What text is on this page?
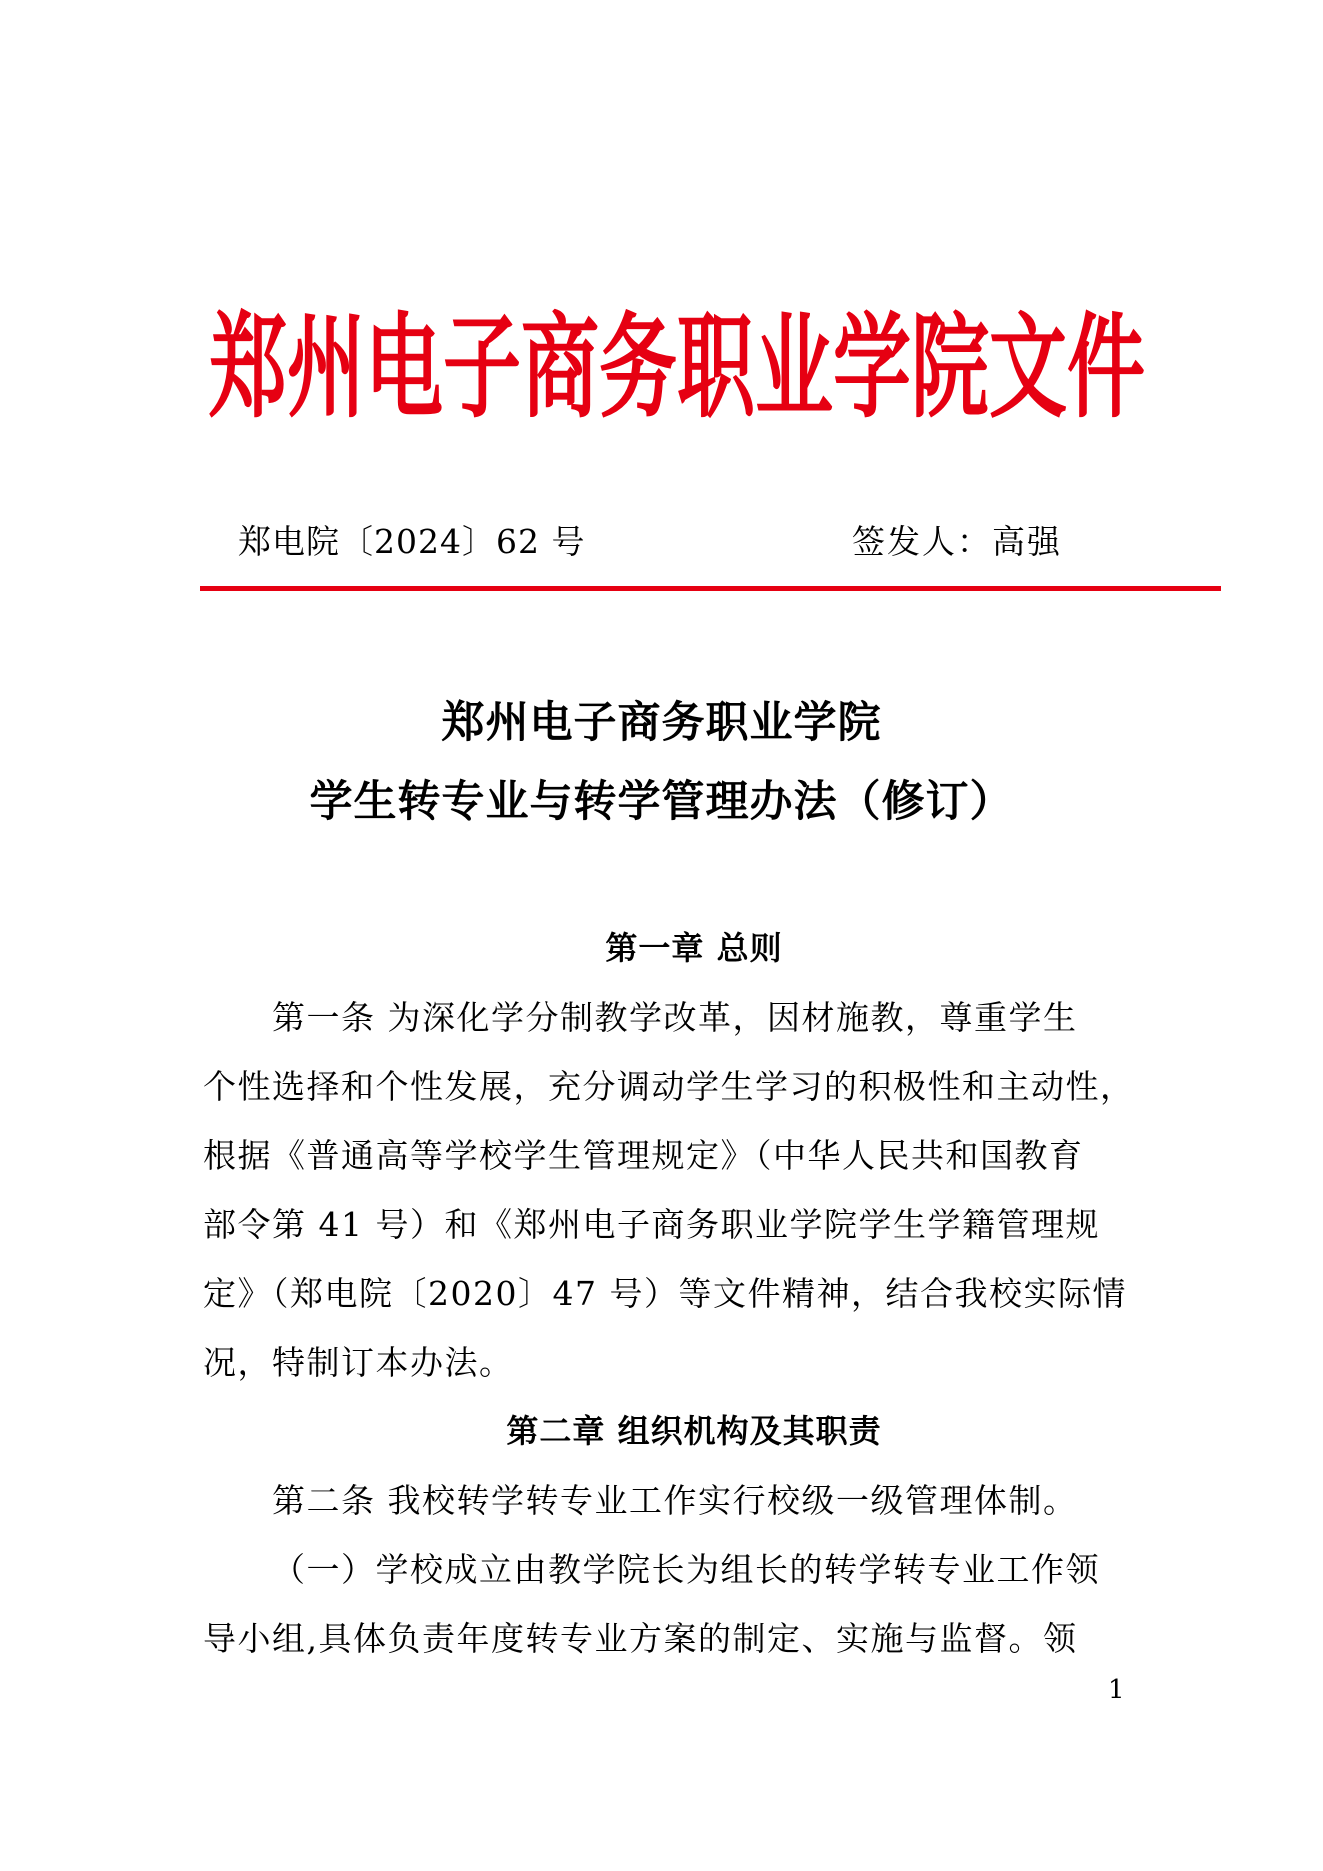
郑州电子商务职业学院文件
郑电院〔2024〕62 号	签发人：高强
郑州电子商务职业学院
学生转专业与转学管理办法（修订）
第一章 总则
第一条 为深化学分制教学改革，因材施教，尊重学生
个性选择和个性发展，充分调动学生学习的积极性和主动性，
根据《普通高等学校学生管理规定》（中华人民共和国教育
部令第 41 号）和《郑州电子商务职业学院学生学籍管理规
定》（郑电院〔2020〕47 号）等文件精神，结合我校实际情
况，特制订本办法。
第二章 组织机构及其职责
第二条 我校转学转专业工作实行校级一级管理体制。
（一）学校成立由教学院长为组长的转学转专业工作领
导小组,具体负责年度转专业方案的制定、实施与监督。领
1
